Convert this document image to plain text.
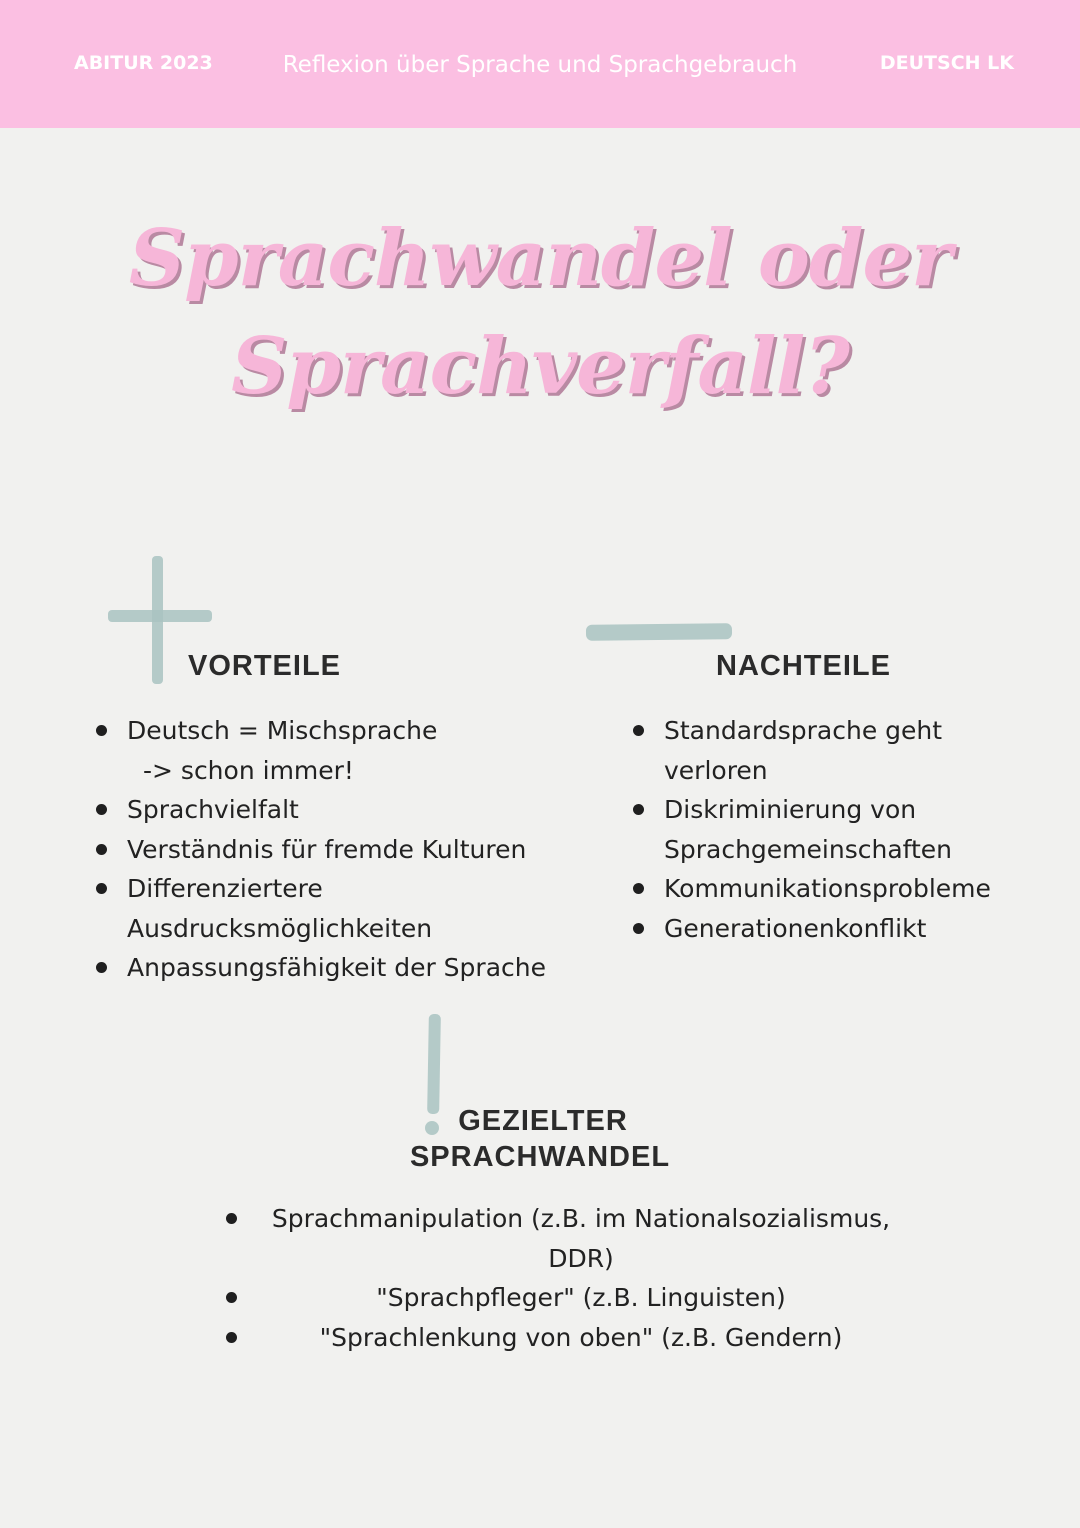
ABITUR 2023	Reflexion über Sprache und Sprachgebrauch	DEUTSCH LK
Sprachwandel oder
Sprachverfall?
VORTEILE
Deutsch = Mischsprache
-> schon immer!
Sprachvielfalt
Verständnis für fremde Kulturen
Differenziertere
Ausdrucksmöglichkeiten
Anpassungsfähigkeit der Sprache
NACHTEILE
Standardsprache geht
verloren
Diskriminierung von
Sprachgemeinschaften
Kommunikationsprobleme
Generationenkonflikt
GEZIELTER
SPRACHWANDEL
Sprachmanipulation (z.B. im Nationalsozialismus,
DDR)
"Sprachpfleger" (z.B. Linguisten)
"Sprachlenkung von oben" (z.B. Gendern)
